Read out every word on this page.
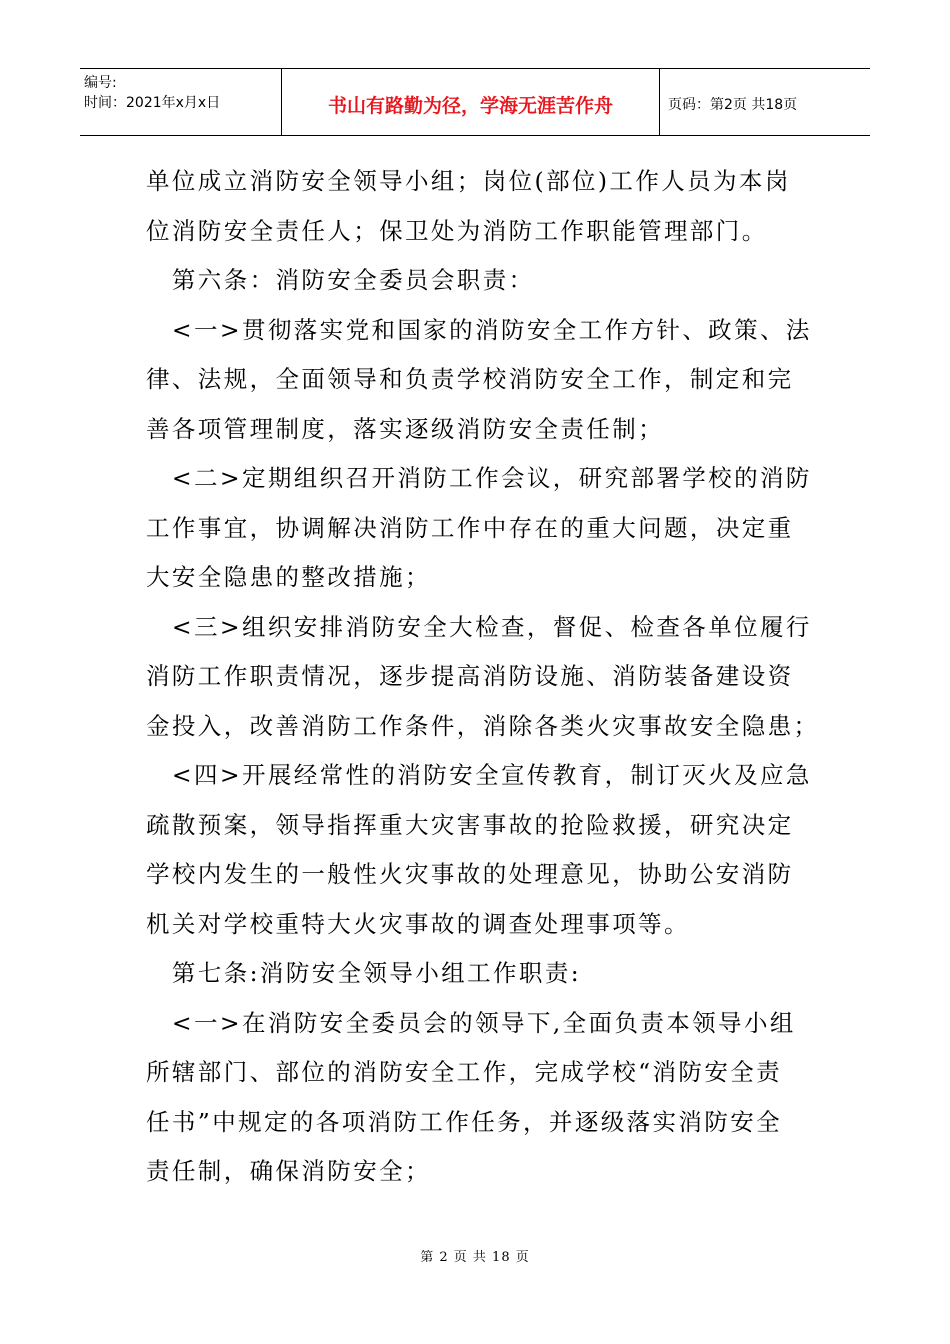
编号:
时间：2021年x月x日	书山有路勤为径，学海无涯苦作舟	页码：第2页 共18页

单位成立消防安全领导小组；岗位(部位)工作人员为本岗

位消防安全责任人；保卫处为消防工作职能管理部门。

　第六条：消防安全委员会职责：

　<一>贯彻落实党和国家的消防安全工作方针、政策、法

律、法规，全面领导和负责学校消防安全工作，制定和完

善各项管理制度，落实逐级消防安全责任制；

　<二>定期组织召开消防工作会议，研究部署学校的消防

工作事宜，协调解决消防工作中存在的重大问题，决定重

大安全隐患的整改措施；

　<三>组织安排消防安全大检查，督促、检查各单位履行

消防工作职责情况，逐步提高消防设施、消防装备建设资

金投入，改善消防工作条件，消除各类火灾事故安全隐患；

　<四>开展经常性的消防安全宣传教育，制订灭火及应急

疏散预案，领导指挥重大灾害事故的抢险救援，研究决定

学校内发生的一般性火灾事故的处理意见，协助公安消防

机关对学校重特大火灾事故的调查处理事项等。

　第七条:消防安全领导小组工作职责:

　<一>在消防安全委员会的领导下,全面负责本领导小组

所辖部门、部位的消防安全工作，完成学校“消防安全责

任书”中规定的各项消防工作任务，并逐级落实消防安全

责任制，确保消防安全；

第 2 页 共 18 页
